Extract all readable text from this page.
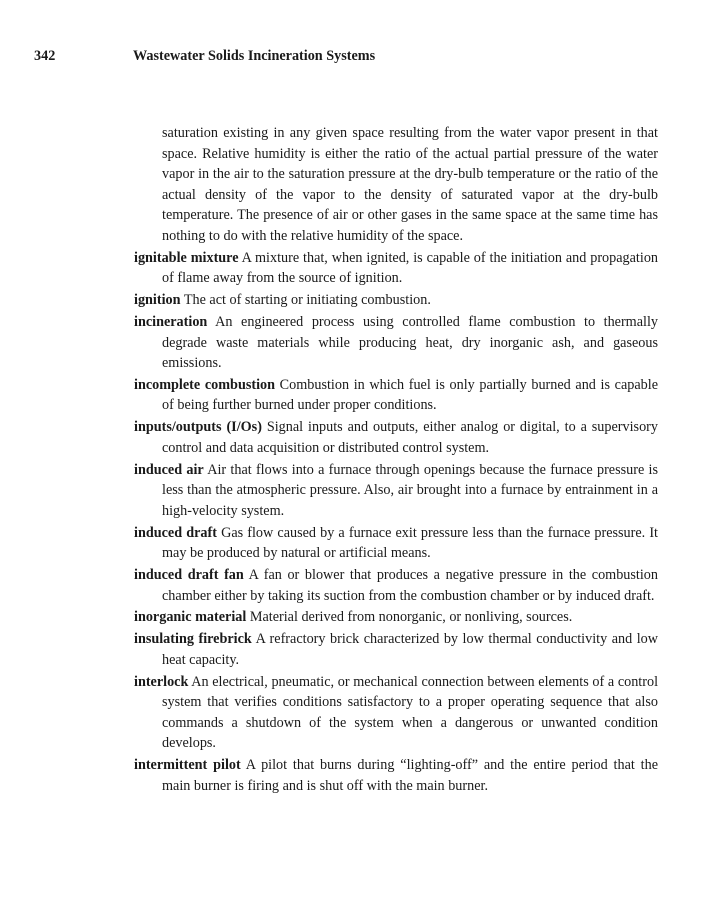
342	Wastewater Solids Incineration Systems

saturation existing in any given space resulting from the water vapor present in that space. Relative humidity is either the ratio of the actual partial pressure of the water vapor in the air to the saturation pressure at the dry-bulb temperature or the ratio of the actual density of the vapor to the density of saturated vapor at the dry-bulb temperature. The presence of air or other gases in the same space at the same time has nothing to do with the relative humidity of the space.

ignitable mixture A mixture that, when ignited, is capable of the initiation and propagation of flame away from the source of ignition.

ignition The act of starting or initiating combustion.

incineration An engineered process using controlled flame combustion to thermally degrade waste materials while producing heat, dry inorganic ash, and gaseous emissions.

incomplete combustion Combustion in which fuel is only partially burned and is capable of being further burned under proper conditions.

inputs/outputs (I/Os) Signal inputs and outputs, either analog or digital, to a supervisory control and data acquisition or distributed control system.

induced air Air that flows into a furnace through openings because the furnace pressure is less than the atmospheric pressure. Also, air brought into a furnace by entrainment in a high-velocity system.

induced draft Gas flow caused by a furnace exit pressure less than the furnace pressure. It may be produced by natural or artificial means.

induced draft fan A fan or blower that produces a negative pressure in the combustion chamber either by taking its suction from the combustion chamber or by induced draft.

inorganic material Material derived from nonorganic, or nonliving, sources.

insulating firebrick A refractory brick characterized by low thermal conductivity and low heat capacity.

interlock An electrical, pneumatic, or mechanical connection between elements of a control system that verifies conditions satisfactory to a proper operating sequence that also commands a shutdown of the system when a dangerous or unwanted condition develops.

intermittent pilot A pilot that burns during “lighting-off” and the entire period that the main burner is firing and is shut off with the main burner.
